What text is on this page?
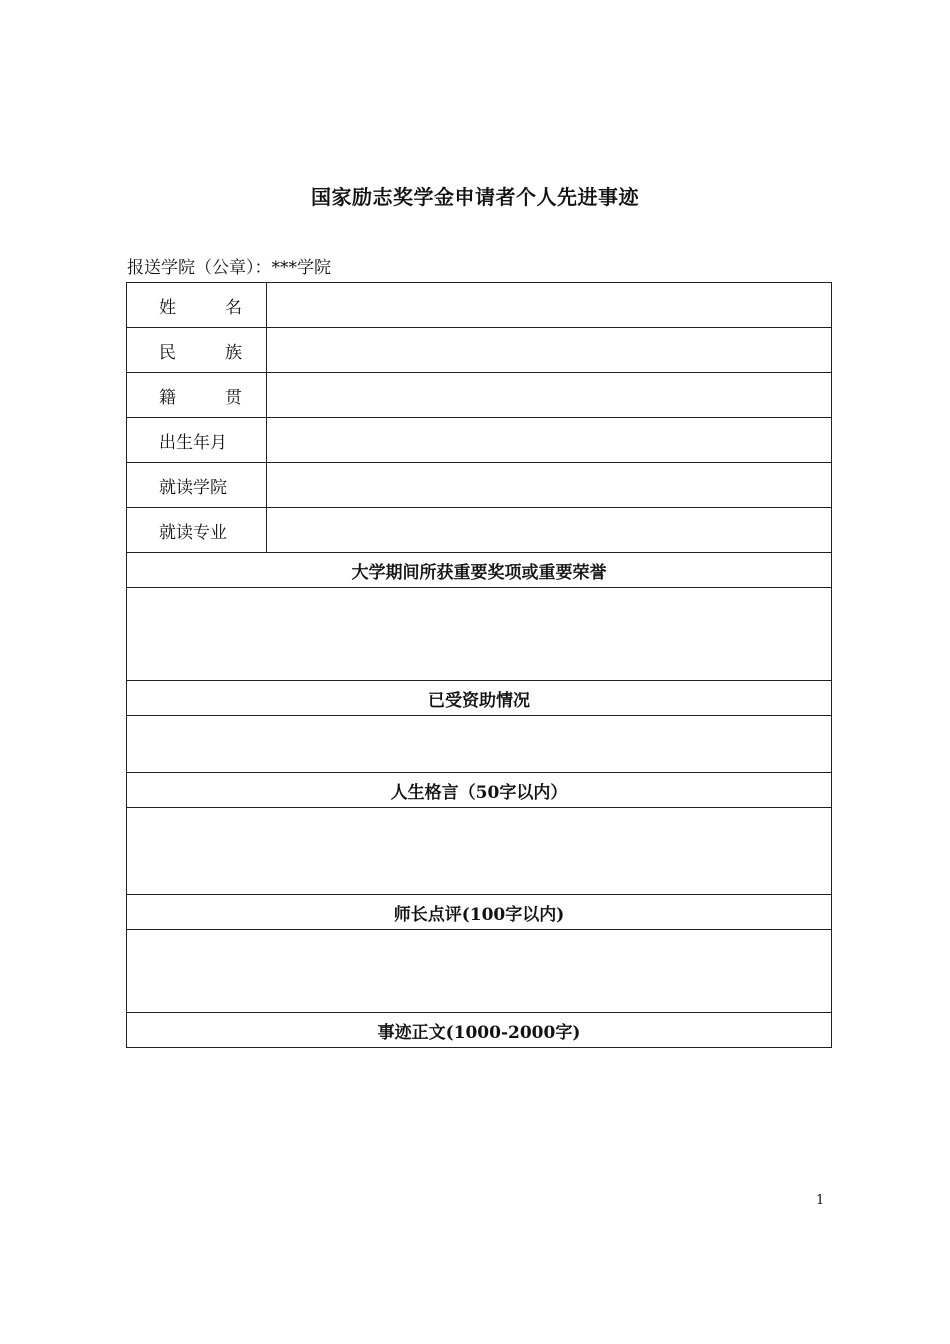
国家励志奖学金申请者个人先进事迹
报送学院（公章）：***学院
姓 名	
民 族	
籍 贯	
出生年月	
就读学院	
就读专业	
大学期间所获重要奖项或重要荣誉	

已受资助情况	

人生格言（50字以内）	

师长点评(100字以内)	

事迹正文(1000-2000字)	
1
